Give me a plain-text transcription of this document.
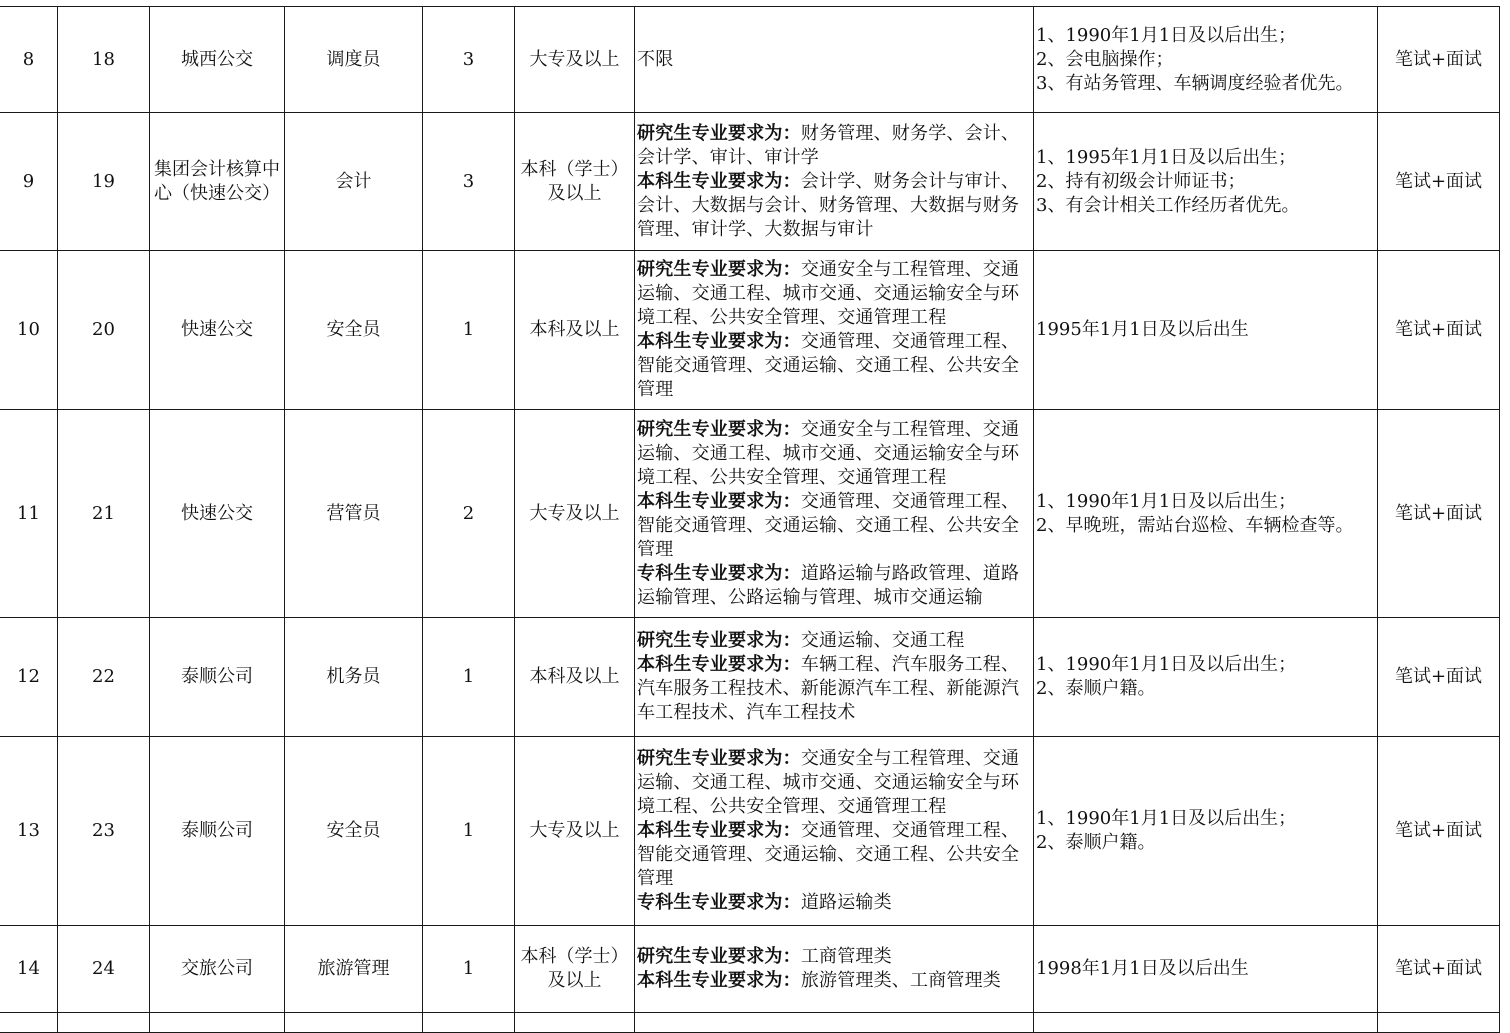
8	18	城西公交	调度员	3	大专及以上	不限	1、1990年1月1日及以后出生；
2、会电脑操作；
3、有站务管理、车辆调度经验者优先。	笔试+面试
9	19	集团会计核算中心（快速公交）	会计	3	本科（学士）及以上	研究生专业要求为：财务管理、财务学、会计、会计学、审计、审计学
本科生专业要求为：会计学、财务会计与审计、会计、大数据与会计、财务管理、大数据与财务管理、审计学、大数据与审计	1、1995年1月1日及以后出生；
2、持有初级会计师证书；
3、有会计相关工作经历者优先。	笔试+面试
10	20	快速公交	安全员	1	本科及以上	研究生专业要求为：交通安全与工程管理、交通运输、交通工程、城市交通、交通运输安全与环境工程、公共安全管理、交通管理工程
本科生专业要求为：交通管理、交通管理工程、智能交通管理、交通运输、交通工程、公共安全管理	1995年1月1日及以后出生	笔试+面试
11	21	快速公交	营管员	2	大专及以上	研究生专业要求为：交通安全与工程管理、交通运输、交通工程、城市交通、交通运输安全与环境工程、公共安全管理、交通管理工程
本科生专业要求为：交通管理、交通管理工程、智能交通管理、交通运输、交通工程、公共安全管理
专科生专业要求为：道路运输与路政管理、道路运输管理、公路运输与管理、城市交通运输	1、1990年1月1日及以后出生；
2、早晚班，需站台巡检、车辆检查等。	笔试+面试
12	22	泰顺公司	机务员	1	本科及以上	研究生专业要求为：交通运输、交通工程
本科生专业要求为：车辆工程、汽车服务工程、汽车服务工程技术、新能源汽车工程、新能源汽车工程技术、汽车工程技术	1、1990年1月1日及以后出生；
2、泰顺户籍。	笔试+面试
13	23	泰顺公司	安全员	1	大专及以上	研究生专业要求为：交通安全与工程管理、交通运输、交通工程、城市交通、交通运输安全与环境工程、公共安全管理、交通管理工程
本科生专业要求为：交通管理、交通管理工程、智能交通管理、交通运输、交通工程、公共安全管理
专科生专业要求为：道路运输类	1、1990年1月1日及以后出生；
2、泰顺户籍。	笔试+面试
14	24	交旅公司	旅游管理	1	本科（学士）及以上	研究生专业要求为：工商管理类
本科生专业要求为：旅游管理类、工商管理类	1998年1月1日及以后出生	笔试+面试
